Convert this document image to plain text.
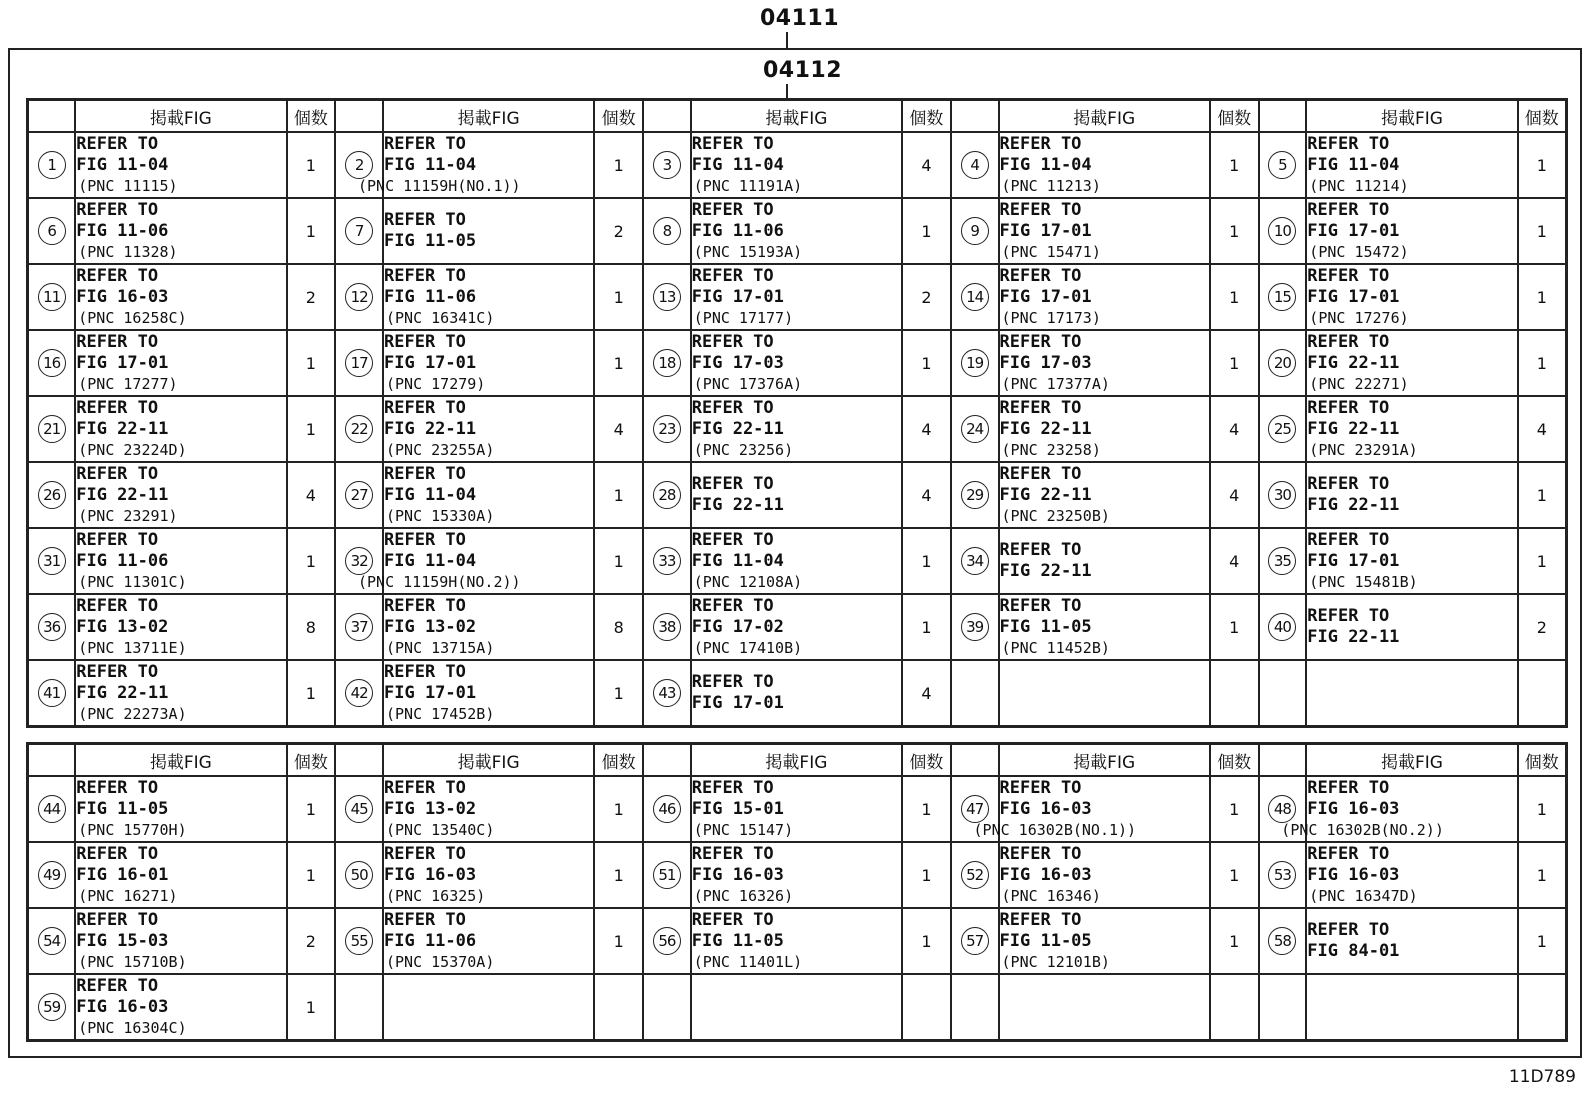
04111
04112
	掲載FIG	個数		掲載FIG	個数		掲載FIG	個数		掲載FIG	個数		掲載FIG	個数
1	REFER TO
FIG 11-04
(PNC 11115)	1	2	REFER TO
FIG 11-04
(PNC 11159H(NO.1))	1	3	REFER TO
FIG 11-04
(PNC 11191A)	4	4	REFER TO
FIG 11-04
(PNC 11213)	1	5	REFER TO
FIG 11-04
(PNC 11214)	1
6	REFER TO
FIG 11-06
(PNC 11328)	1	7	REFER TO
FIG 11-05	2	8	REFER TO
FIG 11-06
(PNC 15193A)	1	9	REFER TO
FIG 17-01
(PNC 15471)	1	10	REFER TO
FIG 17-01
(PNC 15472)	1
11	REFER TO
FIG 16-03
(PNC 16258C)	2	12	REFER TO
FIG 11-06
(PNC 16341C)	1	13	REFER TO
FIG 17-01
(PNC 17177)	2	14	REFER TO
FIG 17-01
(PNC 17173)	1	15	REFER TO
FIG 17-01
(PNC 17276)	1
16	REFER TO
FIG 17-01
(PNC 17277)	1	17	REFER TO
FIG 17-01
(PNC 17279)	1	18	REFER TO
FIG 17-03
(PNC 17376A)	1	19	REFER TO
FIG 17-03
(PNC 17377A)	1	20	REFER TO
FIG 22-11
(PNC 22271)	1
21	REFER TO
FIG 22-11
(PNC 23224D)	1	22	REFER TO
FIG 22-11
(PNC 23255A)	4	23	REFER TO
FIG 22-11
(PNC 23256)	4	24	REFER TO
FIG 22-11
(PNC 23258)	4	25	REFER TO
FIG 22-11
(PNC 23291A)	4
26	REFER TO
FIG 22-11
(PNC 23291)	4	27	REFER TO
FIG 11-04
(PNC 15330A)	1	28	REFER TO
FIG 22-11	4	29	REFER TO
FIG 22-11
(PNC 23250B)	4	30	REFER TO
FIG 22-11	1
31	REFER TO
FIG 11-06
(PNC 11301C)	1	32	REFER TO
FIG 11-04
(PNC 11159H(NO.2))	1	33	REFER TO
FIG 11-04
(PNC 12108A)	1	34	REFER TO
FIG 22-11	4	35	REFER TO
FIG 17-01
(PNC 15481B)	1
36	REFER TO
FIG 13-02
(PNC 13711E)	8	37	REFER TO
FIG 13-02
(PNC 13715A)	8	38	REFER TO
FIG 17-02
(PNC 17410B)	1	39	REFER TO
FIG 11-05
(PNC 11452B)	1	40	REFER TO
FIG 22-11	2
41	REFER TO
FIG 22-11
(PNC 22273A)	1	42	REFER TO
FIG 17-01
(PNC 17452B)	1	43	REFER TO
FIG 17-01	4						
	掲載FIG	個数		掲載FIG	個数		掲載FIG	個数		掲載FIG	個数		掲載FIG	個数
44	REFER TO
FIG 11-05
(PNC 15770H)	1	45	REFER TO
FIG 13-02
(PNC 13540C)	1	46	REFER TO
FIG 15-01
(PNC 15147)	1	47	REFER TO
FIG 16-03
(PNC 16302B(NO.1))	1	48	REFER TO
FIG 16-03
(PNC 16302B(NO.2))	1
49	REFER TO
FIG 16-01
(PNC 16271)	1	50	REFER TO
FIG 16-03
(PNC 16325)	1	51	REFER TO
FIG 16-03
(PNC 16326)	1	52	REFER TO
FIG 16-03
(PNC 16346)	1	53	REFER TO
FIG 16-03
(PNC 16347D)	1
54	REFER TO
FIG 15-03
(PNC 15710B)	2	55	REFER TO
FIG 11-06
(PNC 15370A)	1	56	REFER TO
FIG 11-05
(PNC 11401L)	1	57	REFER TO
FIG 11-05
(PNC 12101B)	1	58	REFER TO
FIG 84-01	1
59	REFER TO
FIG 16-03
(PNC 16304C)	1												
11D789
